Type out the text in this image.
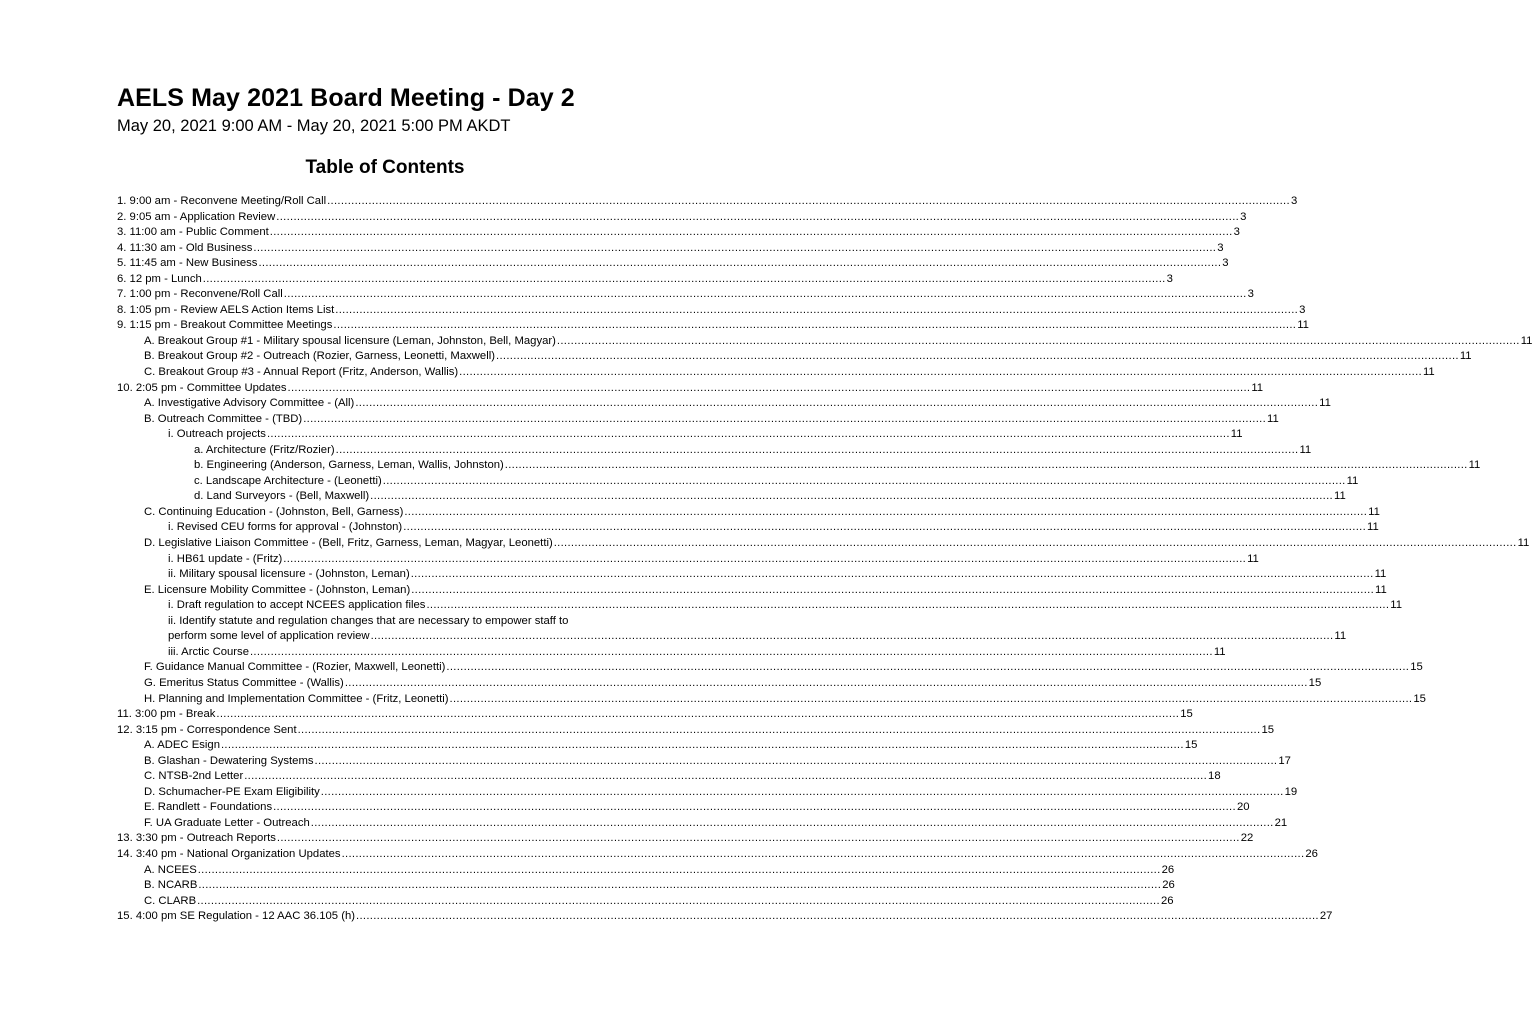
AELS May 2021 Board Meeting - Day 2

May 20, 2021 9:00 AM - May 20, 2021 5:00 PM AKDT

Table of Contents
1. 9:00 am - Reconvene Meeting/Roll Call .....	3
2. 9:05 am - Application Review .....	3
3. 11:00 am - Public Comment .....	3
4. 11:30 am - Old Business .....	3
5. 11:45 am - New Business .....	3
6. 12 pm - Lunch .....	3
7. 1:00 pm - Reconvene/Roll Call .....	3
8. 1:05 pm - Review AELS Action Items List .....	3
9. 1:15 pm - Breakout Committee Meetings .....	11
A. Breakout Group #1 - Military spousal licensure (Leman, Johnston, Bell, Magyar) .....	11
B. Breakout Group #2 - Outreach (Rozier, Garness, Leonetti, Maxwell) .....	11
C. Breakout Group #3 - Annual Report (Fritz, Anderson, Wallis) .....	11
10. 2:05 pm - Committee Updates .....	11
A. Investigative Advisory Committee - (All) .....	11
B. Outreach Committee - (TBD) .....	11
i. Outreach projects .....	11
a. Architecture (Fritz/Rozier) .....	11
b. Engineering (Anderson, Garness, Leman, Wallis, Johnston) .....	11
c. Landscape Architecture - (Leonetti) .....	11
d. Land Surveyors - (Bell, Maxwell) .....	11
C. Continuing Education - (Johnston, Bell, Garness) .....	11
i. Revised CEU forms for approval - (Johnston) .....	11
D. Legislative Liaison Committee - (Bell, Fritz, Garness, Leman, Magyar, Leonetti) .....	11
i. HB61 update - (Fritz) .....	11
ii. Military spousal licensure - (Johnston, Leman) .....	11
E. Licensure Mobility Committee - (Johnston, Leman) .....	11
i. Draft regulation to accept NCEES application files .....	11
ii. Identify statute and regulation changes that are necessary to empower staff to
perform some level of application review .....	11
iii. Arctic Course .....	11
F. Guidance Manual Committee - (Rozier, Maxwell, Leonetti) .....	15
G. Emeritus Status Committee - (Wallis) .....	15
H. Planning and Implementation Committee - (Fritz, Leonetti) .....	15
11. 3:00 pm - Break .....	15
12. 3:15 pm - Correspondence Sent .....	15
A. ADEC Esign .....	15
B. Glashan - Dewatering Systems .....	17
C. NTSB-2nd Letter .....	18
D. Schumacher-PE Exam Eligibility .....	19
E. Randlett - Foundations .....	20
F. UA Graduate Letter - Outreach .....	21
13. 3:30 pm - Outreach Reports .....	22
14. 3:40 pm - National Organization Updates .....	26
A. NCEES .....	26
B. NCARB .....	26
C. CLARB .....	26
15. 4:00 pm SE Regulation - 12 AAC 36.105 (h) .....	27
